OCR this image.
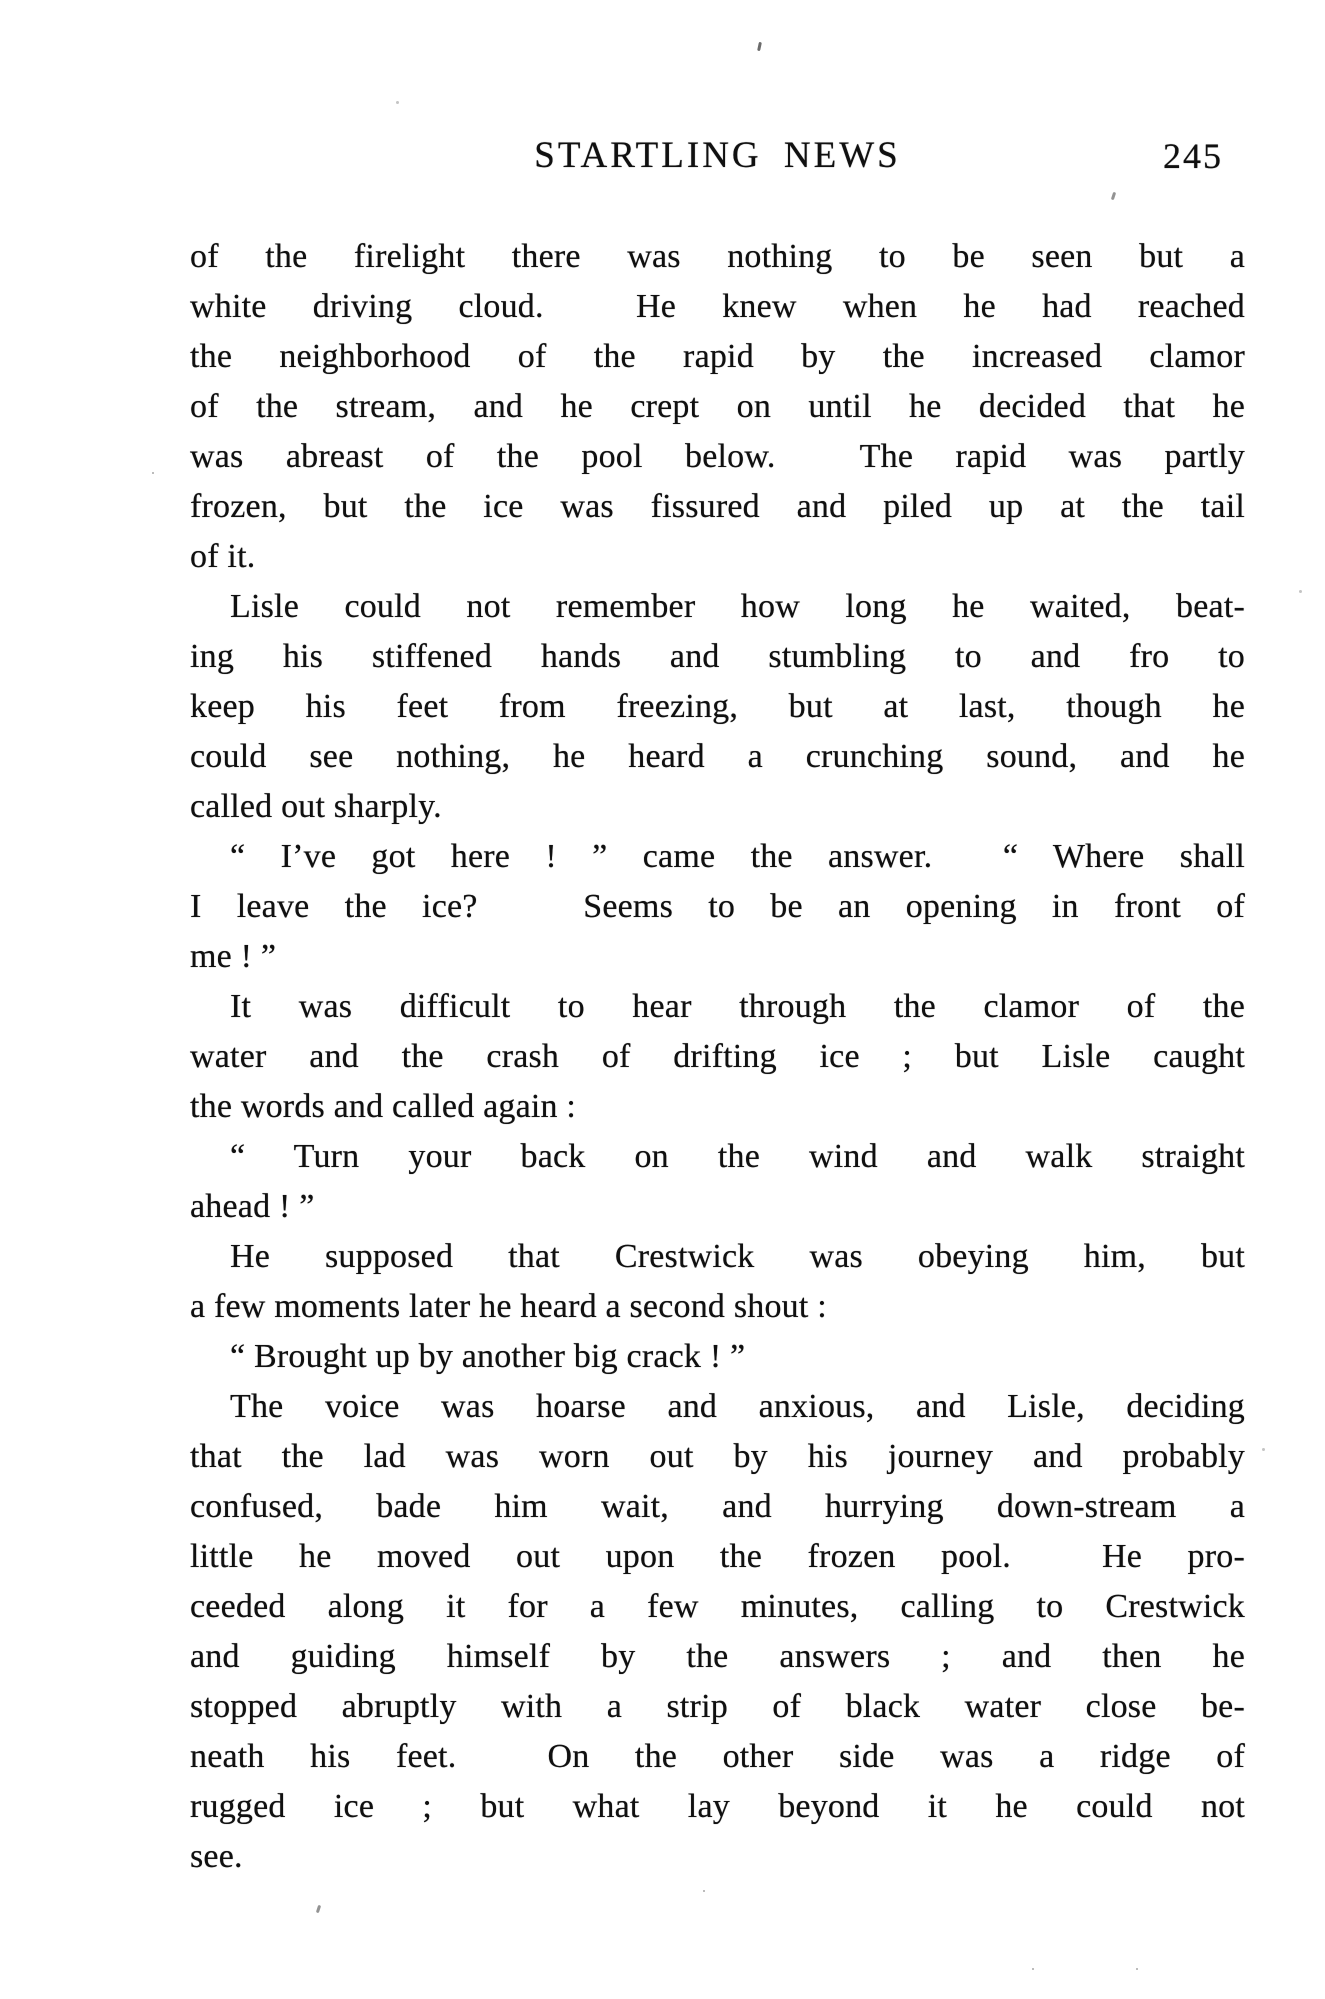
STARTLING NEWS	245
of the firelight there was nothing to be seen but a
white driving cloud.  He knew when he had reached
the neighborhood of the rapid by the increased clamor
of the stream, and he crept on until he decided that he
was abreast of the pool below.  The rapid was partly
frozen, but the ice was fissured and piled up at the tail
of it.
Lisle could not remember how long he waited, beat-
ing his stiffened hands and stumbling to and fro to
keep his feet from freezing, but at last, though he
could see nothing, he heard a crunching sound, and he
called out sharply.
“ I’ve got here ! ” came the answer.  “ Where shall
I leave the ice?   Seems to be an opening in front of
me ! ”
It was difficult to hear through the clamor of the
water and the crash of drifting ice ; but Lisle caught
the words and called again :
“ Turn your back on the wind and walk straight
ahead ! ”
He supposed that Crestwick was obeying him, but
a few moments later he heard a second shout :
“ Brought up by another big crack ! ”
The voice was hoarse and anxious, and Lisle, deciding
that the lad was worn out by his journey and probably
confused, bade him wait, and hurrying down-stream a
little he moved out upon the frozen pool.  He pro-
ceeded along it for a few minutes, calling to Crestwick
and guiding himself by the answers ; and then he
stopped abruptly with a strip of black water close be-
neath his feet.  On the other side was a ridge of
rugged ice ; but what lay beyond it he could not
see.
